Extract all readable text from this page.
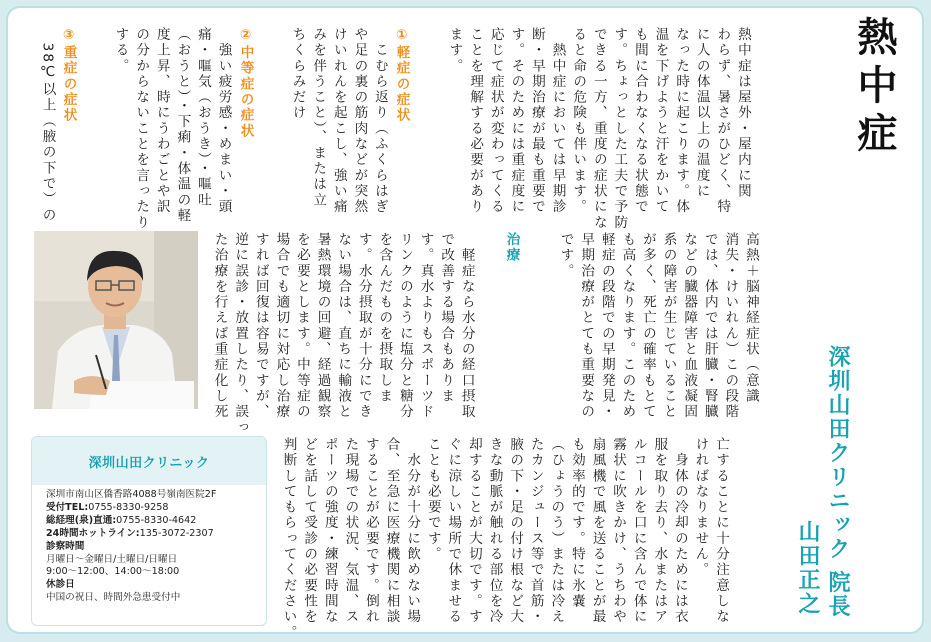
熱中症
深圳山田クリニック 院長
山田正之
熱中症は屋外・屋内に関
わらず、暑さがひどく、特
に人の体温以上の温度に
なった時に起こります。体
温を下げようと汗をかいて
も間に合わなくなる状態で
す。ちょっとした工夫で予防
できる一方、重度の症状にな
ると命の危険も伴います。
　熱中症においては早期診
断・早期治療が最も重要で
す。そのためには重症度に
応じて症状が変わってくる
ことを理解する必要があり
ます。
①軽症の症状
　こむら返り（ふくらはぎ
や足の裏の筋肉などが突然
けいれんを起こし、強い痛
みを伴うこと）、または立
ちくらみだけ
②中等症の症状
　強い疲労感・めまい・頭
痛・嘔気（おうき）・嘔吐
（おうと）・下痢・体温の軽
度上昇、時にうわごとや訳
の分からないことを言ったり
する。
③重症の症状
　38℃以上（腋の下で）の
高熱＋脳神経症状（意識
消失・けいれん）この段階
では、体内では肝臓・腎臓
などの臓器障害と血液凝固
系の障害が生じていること
が多く、死亡の確率もとて
も高くなります。このため
軽症の段階での早期発見・
早期治療がとても重要なの
です。
治療
　軽症なら水分の経口摂取
で改善する場合もありま
す。真水よりもスポーツド
リンクのように塩分と糖分
を含んだものを摂取しま
す。水分摂取が十分にでき
ない場合は、直ちに輸液と
暑熱環境の回避、経過観察
を必要とします。中等症の
場合でも適切に対応し治療
すれば回復は容易ですが、
逆に誤診・放置したり、誤っ
た治療を行えば重症化し死
亡することに十分注意しな
ければなりません。
　身体の冷却のためには衣
服を取り去り、水またはア
ルコールを口に含んで体に
霧状に吹きかけ、うちわや
扇風機で風を送ることが最
も効率的です。特に氷嚢
（ひょうのう）または冷え
たカンジュース等で首筋・
腋の下・足の付け根など大
きな動脈が触れる部位を冷
却することが大切です。す
ぐに涼しい場所で休ませる
ことも必要です。
　水分が十分に飲めない場
合、至急に医療機関に相談
することが必要です。倒れ
た現場での状況、気温、ス
ポーツの強度・練習時間な
どを話して受診の必要性を
判断してもらってください。
深圳山田クリニック
深圳市南山区僑香路4088号嶺南医院2F
受付TEL:0755-8330-9258
総経理(泉)直通:0755-8330-4642
24時間ホットライン:135-3072-2307
診察時間
月曜日〜金曜日/土曜日/日曜日
9:00〜12:00、14:00〜18:00
休診日
中国の祝日、時間外急患受付中
